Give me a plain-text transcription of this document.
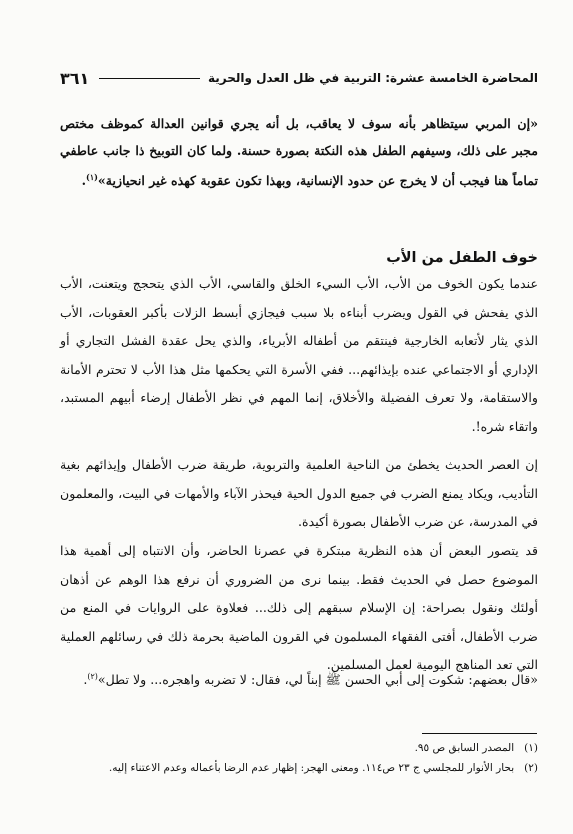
المحاضرة الخامسة عشرة: التربية في ظل العدل والحرية
٣٦١

«إن المربي سيتظاهر بأنه سوف لا يعاقب، بل أنه يجري قوانين العدالة كموظف مختص مجبر على ذلك، وسيفهم الطفل هذه النكتة بصورة حسنة. ولما كان التوبيخ ذا جانب عاطفي تماماً هنا فيجب أن لا يخرج عن حدود الإنسانية، وبهذا تكون عقوبة كهذه غير انحيازية»$^{(١)}$.

خوف الطفل من الأب

عندما يكون الخوف من الأب، الأب السيء الخلق والقاسي، الأب الذي يتحجج ويتعنت، الأب الذي يفحش في القول ويضرب أبناءه بلا سبب فيجازي أبسط الزلات بأكبر العقوبات، الأب الذي يثار لأتعابه الخارجية فينتقم من أطفاله الأبرياء، والذي يحل عقدة الفشل التجاري أو الإداري أو الاجتماعي عنده بإيذائهم... ففي الأسرة التي يحكمها مثل هذا الأب لا تحترم الأمانة والاستقامة، ولا تعرف الفضيلة والأخلاق، إنما المهم في نظر الأطفال إرضاء أبيهم المستبد، واتقاء شره!.

إن العصر الحديث يخطئ من الناحية العلمية والتربوية، طريقة ضرب الأطفال وإيذائهم بغية التأديب، ويكاد يمنع الضرب في جميع الدول الحية فيحذر الآباء والأمهات في البيت، والمعلمون في المدرسة، عن ضرب الأطفال بصورة أكيدة.

قد يتصور البعض أن هذه النظرية مبتكرة في عصرنا الحاضر، وأن الانتباه إلى أهمية هذا الموضوع حصل في الحديث فقط. بينما نرى من الضروري أن نرفع هذا الوهم عن أذهان أولئك ونقول بصراحة: إن الإسلام سبقهم إلى ذلك... فعلاوة على الروايات في المنع من ضرب الأطفال، أفتى الفقهاء المسلمون في القرون الماضية بحرمة ذلك في رسائلهم العملية التي تعد المناهج اليومية لعمل المسلمين.

«قال بعضهم: شكوت إلى أبي الحسن ﷺ إبناً لي، فقال: لا تضربه واهجره... ولا تطل»$^{(٢)}$.

(١)المصدر السابق ص ٩٥.
(٢)بحار الأنوار للمجلسي ج ٢٣ ص١١٤. ومعنى الهجر: إظهار عدم الرضا بأعماله وعدم الاعتناء إليه.
